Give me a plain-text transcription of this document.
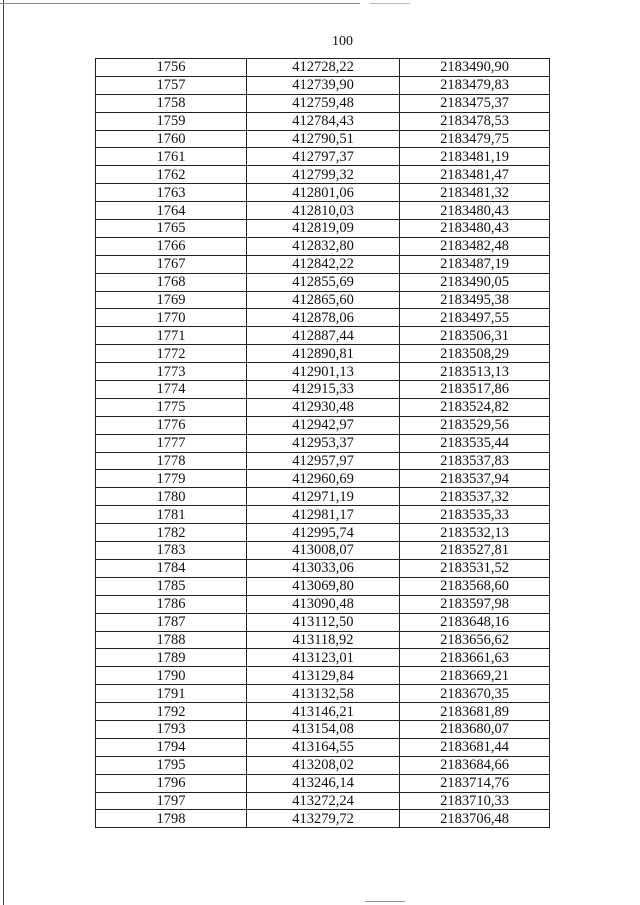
100
1756	412728,22	2183490,90
1757	412739,90	2183479,83
1758	412759,48	2183475,37
1759	412784,43	2183478,53
1760	412790,51	2183479,75
1761	412797,37	2183481,19
1762	412799,32	2183481,47
1763	412801,06	2183481,32
1764	412810,03	2183480,43
1765	412819,09	2183480,43
1766	412832,80	2183482,48
1767	412842,22	2183487,19
1768	412855,69	2183490,05
1769	412865,60	2183495,38
1770	412878,06	2183497,55
1771	412887,44	2183506,31
1772	412890,81	2183508,29
1773	412901,13	2183513,13
1774	412915,33	2183517,86
1775	412930,48	2183524,82
1776	412942,97	2183529,56
1777	412953,37	2183535,44
1778	412957,97	2183537,83
1779	412960,69	2183537,94
1780	412971,19	2183537,32
1781	412981,17	2183535,33
1782	412995,74	2183532,13
1783	413008,07	2183527,81
1784	413033,06	2183531,52
1785	413069,80	2183568,60
1786	413090,48	2183597,98
1787	413112,50	2183648,16
1788	413118,92	2183656,62
1789	413123,01	2183661,63
1790	413129,84	2183669,21
1791	413132,58	2183670,35
1792	413146,21	2183681,89
1793	413154,08	2183680,07
1794	413164,55	2183681,44
1795	413208,02	2183684,66
1796	413246,14	2183714,76
1797	413272,24	2183710,33
1798	413279,72	2183706,48
